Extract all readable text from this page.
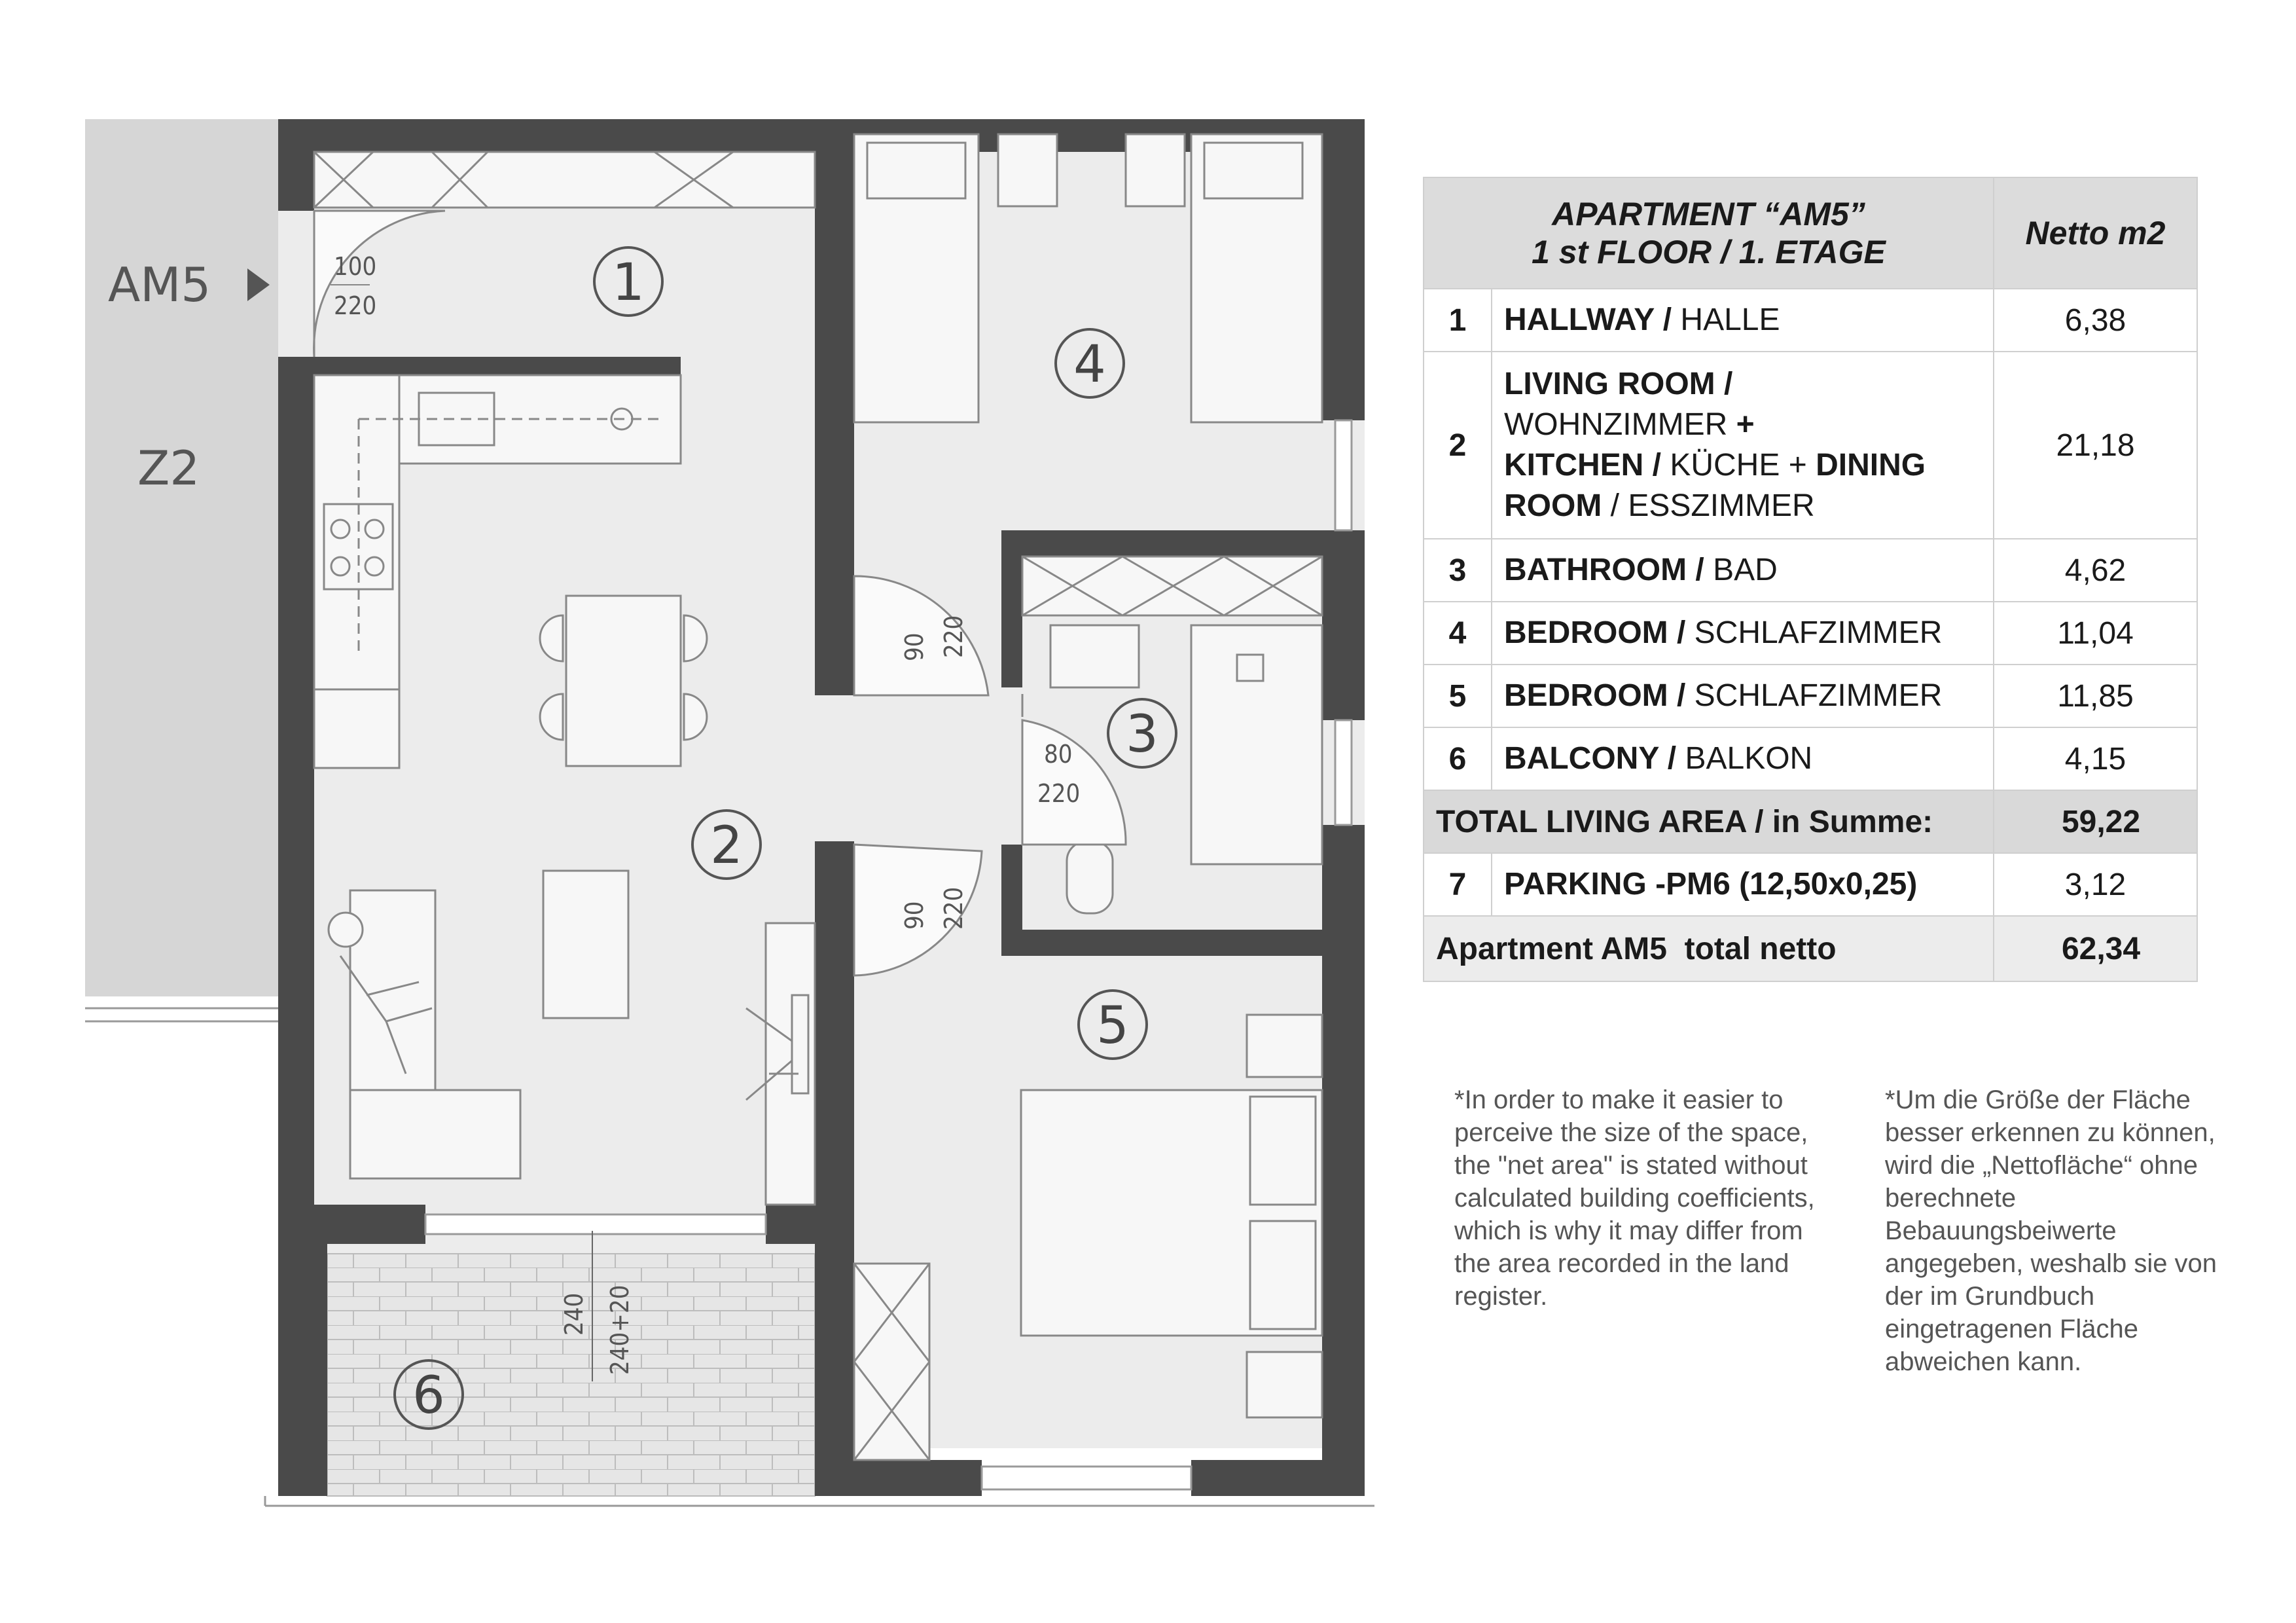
1
2
3
4
5
6
AM5
Z2
100
220
90 220
80
220
90 220
240 240+20
APARTMENT “AM5”
1 st FLOOR / 1. ETAGE		Netto m2
1	HALLWAY / HALLE	6,38
2	LIVING ROOM /
WOHNZIMMER +
KITCHEN / KÜCHE + DINING ROOM / ESSZIMMER	21,18
3	BATHROOM / BAD	4,62
4	BEDROOM / SCHLAFZIMMER	11,04
5	BEDROOM / SCHLAFZIMMER	11,85
6	BALCONY / BALKON	4,15
TOTAL LIVING AREA / in Summe:		59,22
7	PARKING -PM6 (12,50x0,25)	3,12
Apartment AM5  total netto		62,34
*In order to make it easier to perceive the size of the space, the "net area" is stated without calculated building coefficients, which is why it may differ from the area recorded in the land register.
*Um die Größe der Fläche besser erkennen zu können, wird die „Nettofläche“ ohne berechnete Bebauungsbeiwerte angegeben, weshalb sie von der im Grundbuch eingetragenen Fläche abweichen kann.
